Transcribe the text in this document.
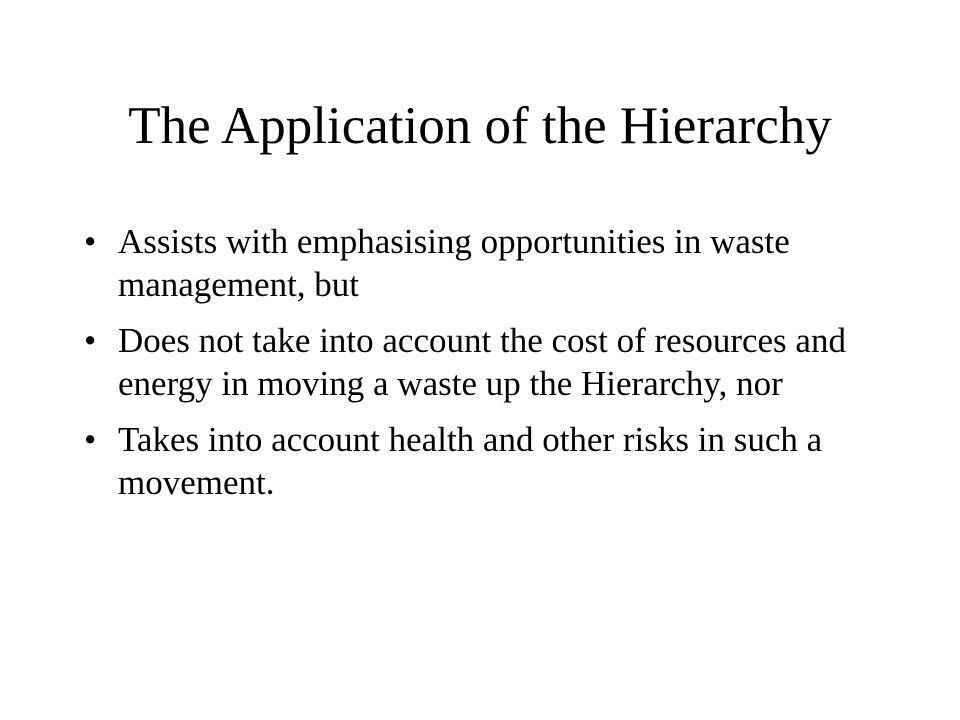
The Application of the Hierarchy
• Assists with emphasising opportunities in waste management, but
• Does not take into account the cost of resources and energy in moving a waste up the Hierarchy, nor
• Takes into account health and other risks in such a movement.
